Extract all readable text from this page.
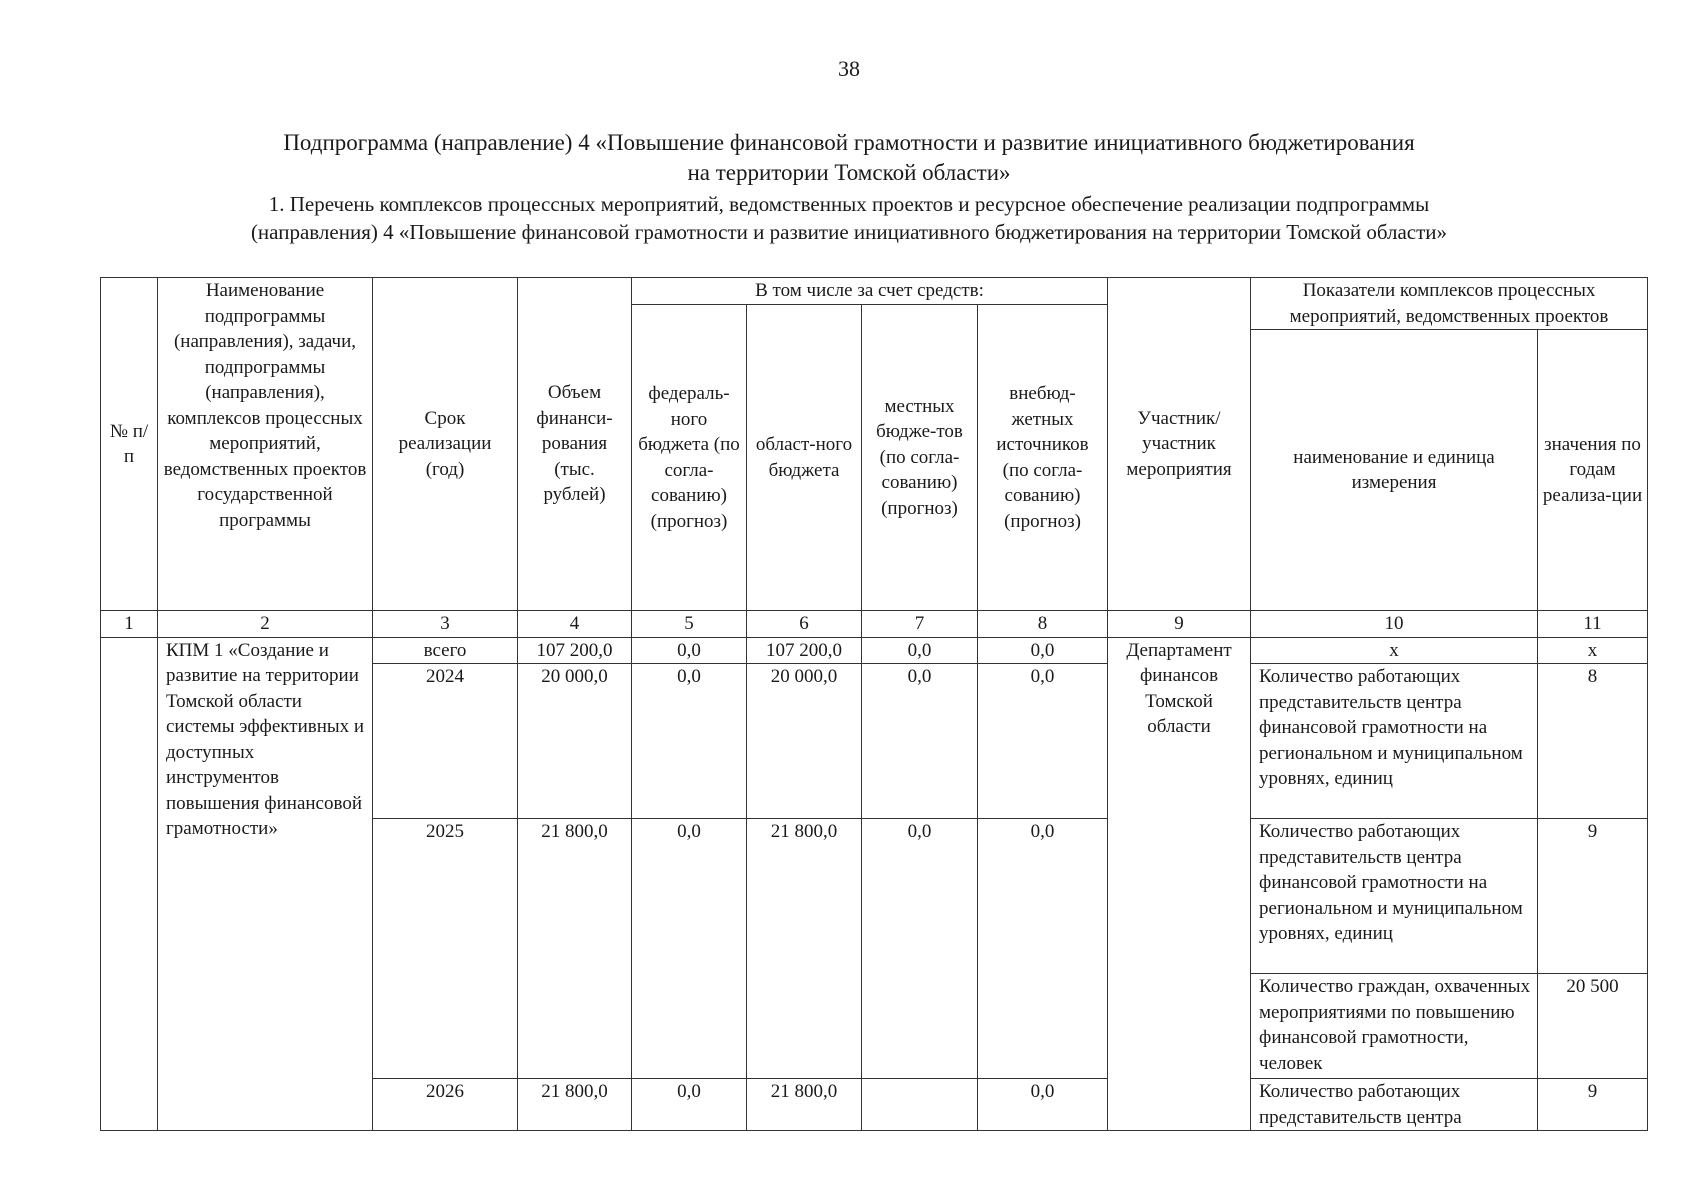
38
Подпрограмма (направление) 4 «Повышение финансовой грамотности и развитие инициативного бюджетирования
на территории Томской области»
1. Перечень комплексов процессных мероприятий, ведомственных проектов и ресурсное обеспечение реализации подпрограммы
(направления) 4 «Повышение финансовой грамотности и развитие инициативного бюджетирования на территории Томской области»
№ п/п	Наименование подпрограммы (направления), задачи, подпрограммы (направления), комплексов процессных мероприятий, ведомственных проектов государственной программы	Срок реализации (год)	Объем финанси-рования (тыс. рублей)	В том числе за счет средств:				Участник/ участник мероприятия	Показатели комплексов процессных мероприятий, ведомственных проектов	
				федераль-ного бюджета (по согла-сованию) (прогноз)	област-ного бюджета	местных бюдже-тов (по согла-сованию) (прогноз)	внебюд-жетных источников (по согла-сованию) (прогноз)			
									наименование и единица измерения	значения по годам реализа-ции
1	2	3	4	5	6	7	8	9	10	11
	КПМ 1 «Создание и развитие на территории Томской области системы эффективных и доступных инструментов повышения финансовой грамотности»	всего	107 200,0	0,0	107 200,0	0,0	0,0	Департамент финансов Томской области	х	х
		2024	20 000,0	0,0	20 000,0	0,0	0,0		Количество работающих представительств центра финансовой грамотности на региональном и муниципальном уровнях, единиц	8
		2025	21 800,0	0,0	21 800,0	0,0	0,0		Количество работающих представительств центра финансовой грамотности на региональном и муниципальном уровнях, единиц	9
									Количество граждан, охваченных мероприятиями по повышению финансовой грамотности, человек	20 500
		2026	21 800,0	0,0	21 800,0		0,0		Количество работающих представительств центра	9
